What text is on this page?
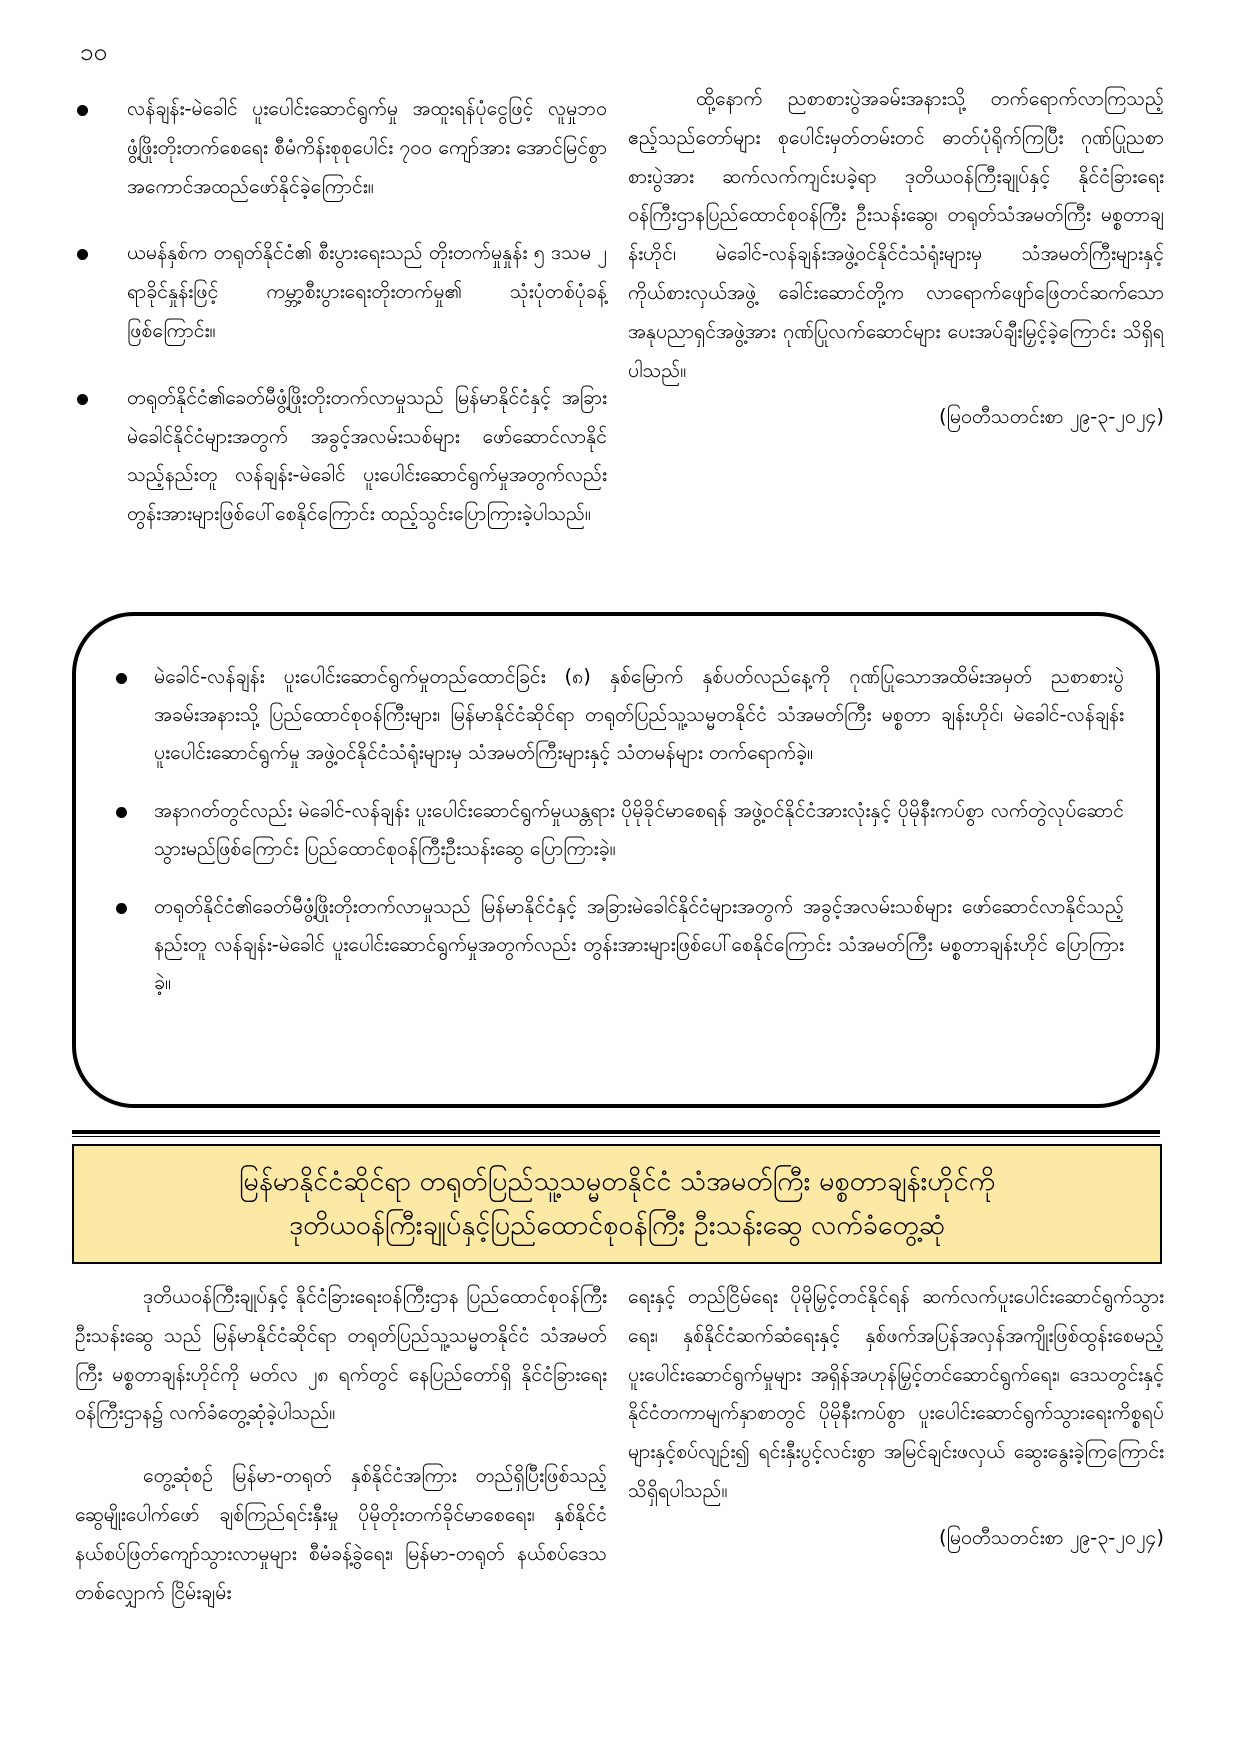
၁၀
လန်ချန်း-မဲခေါင် ပူးပေါင်းဆောင်ရွက်မှု အထူးရန်ပုံငွေဖြင့် လူမှုဘဝဖွံ့ဖြိုးတိုးတက်စေရေး စီမံကိန်းစုစုပေါင်း ၇၀၀ ကျော်အား အောင်မြင်စွာ အကောင်အထည်ဖော်နိုင်ခဲ့ကြောင်း။
ယမန်နှစ်က တရုတ်နိုင်ငံ၏ စီးပွားရေးသည် တိုးတက်မှုနှုန်း ၅ ဒသမ ၂ ရာခိုင်နှုန်းဖြင့် ကမ္ဘာ့စီးပွားရေးတိုးတက်မှု၏ သုံးပုံတစ်ပုံခန့်ဖြစ်ကြောင်း။
တရုတ်နိုင်ငံ၏ခေတ်မီဖွံ့ဖြိုးတိုးတက်လာမှုသည် မြန်မာနိုင်ငံနှင့် အခြားမဲခေါင်နိုင်ငံများအတွက် အခွင့်အလမ်းသစ်များ ဖော်ဆောင်လာနိုင်သည့်နည်းတူ လန်ချန်း-မဲခေါင် ပူးပေါင်းဆောင်ရွက်မှုအတွက်လည်း တွန်းအားများဖြစ်ပေါ်စေနိုင်ကြောင်း ထည့်သွင်းပြောကြားခဲ့ပါသည်။

ထို့နောက် ညစာစားပွဲအခမ်းအနားသို့ တက်ရောက်လာကြသည့် ဧည့်သည်တော်များ စုပေါင်းမှတ်တမ်းတင် ဓာတ်ပုံရိုက်ကြပြီး ဂုဏ်ပြုညစာစားပွဲအား ဆက်လက်ကျင်းပခဲ့ရာ ဒုတိယဝန်ကြီးချုပ်နှင့် နိုင်ငံခြားရေးဝန်ကြီးဌာနပြည်ထောင်စုဝန်ကြီး ဦးသန်းဆွေ၊ တရုတ်သံအမတ်ကြီး မစ္စတာချန်းဟိုင်၊ မဲခေါင်-လန်ချန်းအဖွဲ့ဝင်နိုင်ငံသံရုံးများမှ သံအမတ်ကြီးများနှင့် ကိုယ်စားလှယ်အဖွဲ့ ခေါင်းဆောင်တို့က လာရောက်ဖျော်ဖြေတင်ဆက်သော အနုပညာရှင်အဖွဲ့အား ဂုဏ်ပြုလက်ဆောင်များ ပေးအပ်ချီးမြှင့်ခဲ့ကြောင်း သိရှိရပါသည်။

(မြဝတီသတင်းစာ ၂၉-၃-၂၀၂၄)
မဲခေါင်-လန်ချန်း ပူးပေါင်းဆောင်ရွက်မှုတည်ထောင်ခြင်း (၈) နှစ်မြောက် နှစ်ပတ်လည်နေ့ကို ဂုဏ်ပြုသောအထိမ်းအမှတ် ညစာစားပွဲအခမ်းအနားသို့ ပြည်ထောင်စုဝန်ကြီးများ၊ မြန်မာနိုင်ငံဆိုင်ရာ တရုတ်ပြည်သူ့သမ္မတနိုင်ငံ သံအမတ်ကြီး မစ္စတာ ချန်းဟိုင်၊ မဲခေါင်-လန်ချန်းပူးပေါင်းဆောင်ရွက်မှု အဖွဲ့ဝင်နိုင်ငံသံရုံးများမှ သံအမတ်ကြီးများနှင့် သံတမန်များ တက်ရောက်ခဲ့။
အနာဂတ်တွင်လည်း မဲခေါင်-လန်ချန်း ပူးပေါင်းဆောင်ရွက်မှုယန္တရား ပိုမိုခိုင်မာစေရန် အဖွဲ့ဝင်နိုင်ငံအားလုံးနှင့် ပိုမိုနီးကပ်စွာ လက်တွဲလုပ်ဆောင်သွားမည်ဖြစ်ကြောင်း ပြည်ထောင်စုဝန်ကြီးဦးသန်းဆွေ ပြောကြားခဲ့။
တရုတ်နိုင်ငံ၏ခေတ်မီဖွံ့ဖြိုးတိုးတက်လာမှုသည် မြန်မာနိုင်ငံနှင့် အခြားမဲခေါင်နိုင်ငံများအတွက် အခွင့်အလမ်းသစ်များ ဖော်ဆောင်လာနိုင်သည့်နည်းတူ လန်ချန်း-မဲခေါင် ပူးပေါင်းဆောင်ရွက်မှုအတွက်လည်း တွန်းအားများဖြစ်ပေါ်စေနိုင်ကြောင်း သံအမတ်ကြီး မစ္စတာချန်းဟိုင် ပြောကြားခဲ့။
မြန်မာနိုင်ငံဆိုင်ရာ တရုတ်ပြည်သူ့သမ္မတနိုင်ငံ သံအမတ်ကြီး မစ္စတာချန်းဟိုင်ကို
ဒုတိယဝန်ကြီးချုပ်နှင့်ပြည်ထောင်စုဝန်ကြီး ဦးသန်းဆွေ လက်ခံတွေ့ဆုံ

ဒုတိယဝန်ကြီးချုပ်နှင့် နိုင်ငံခြားရေးဝန်ကြီးဌာန ပြည်ထောင်စုဝန်ကြီး ဦးသန်းဆွေ သည် မြန်မာနိုင်ငံဆိုင်ရာ တရုတ်ပြည်သူ့သမ္မတနိုင်ငံ သံအမတ်ကြီး မစ္စတာချန်းဟိုင်ကို မတ်လ ၂၈ ရက်တွင် နေပြည်တော်ရှိ နိုင်ငံခြားရေးဝန်ကြီးဌာန၌ လက်ခံတွေ့ဆုံခဲ့ပါသည်။

တွေ့ဆုံစဉ် မြန်မာ-တရုတ် နှစ်နိုင်ငံအကြား တည်ရှိပြီးဖြစ်သည့် ဆွေမျိုးပေါက်ဖော် ချစ်ကြည်ရင်းနှီးမှု ပိုမိုတိုးတက်ခိုင်မာစေရေး၊ နှစ်နိုင်ငံနယ်စပ်ဖြတ်ကျော်သွားလာမှုများ စီမံခန့်ခွဲရေး၊ မြန်မာ-တရုတ် နယ်စပ်ဒေသတစ်လျှောက် ငြိမ်းချမ်း

ရေးနှင့် တည်ငြိမ်ရေး ပိုမိုမြှင့်တင်နိုင်ရန် ဆက်လက်ပူးပေါင်းဆောင်ရွက်သွားရေး၊ နှစ်နိုင်ငံဆက်ဆံရေးနှင့် နှစ်ဖက်အပြန်အလှန်အကျိုးဖြစ်ထွန်းစေမည့် ပူးပေါင်းဆောင်ရွက်မှုများ အရှိန်အဟုန်မြှင့်တင်ဆောင်ရွက်ရေး၊ ဒေသတွင်းနှင့် နိုင်ငံတကာမျက်နှာစာတွင် ပိုမိုနီးကပ်စွာ ပူးပေါင်းဆောင်ရွက်သွားရေးကိစ္စရပ်များနှင့်စပ်လျဉ်း၍ ရင်းနှီးပွင့်လင်းစွာ အမြင်ချင်းဖလှယ် ဆွေးနွေးခဲ့ကြကြောင်း သိရှိရပါသည်။

(မြဝတီသတင်းစာ ၂၉-၃-၂၀၂၄)
